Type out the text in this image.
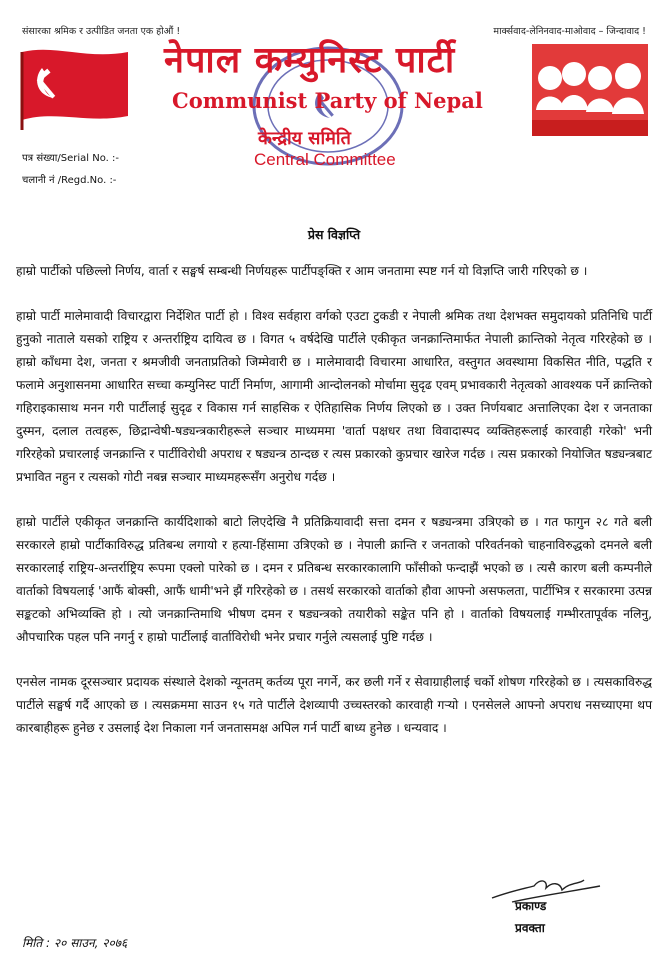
संसारका श्रमिक र उत्पीडित जनता एक होऔं !	मार्क्सवाद-लेनिनवाद-माओवाद – जिन्दावाद !
नेपाल कम्युनिस्ट पार्टी
Communist Party of Nepal
केन्द्रीय समिति
Central Committee
पत्र संख्या/Serial No. :-
चलानी नं /Regd.No. :-
प्रेस विज्ञप्ति

हाम्रो पार्टीको पछिल्लो निर्णय, वार्ता र सङ्घर्ष सम्बन्धी निर्णयहरू पार्टीपङ्क्ति र आम जनतामा स्पष्ट गर्न यो विज्ञप्ति जारी गरिएको छ ।

हाम्रो पार्टी मालेमावादी विचारद्वारा निर्देशित पार्टी हो । विश्व सर्वहारा वर्गको एउटा टुकडी र नेपाली श्रमिक तथा देशभक्त समुदायको प्रतिनिधि पार्टी हुनुको नाताले यसको राष्ट्रिय र अन्तर्राष्ट्रिय दायित्व छ । विगत ५ वर्षदेखि पार्टीले एकीकृत जनक्रान्तिमार्फत नेपाली क्रान्तिको नेतृत्व गरिरहेको छ । हाम्रो काँधमा देश, जनता र श्रमजीवी जनताप्रतिको जिम्मेवारी छ । मालेमावादी विचारमा आधारित, वस्तुगत अवस्थामा विकसित नीति, पद्धति र फलामे अनुशासनमा आधारित सच्चा कम्युनिस्ट पार्टी निर्माण, आगामी आन्दोलनको मोर्चामा सुदृढ एवम् प्रभावकारी नेतृत्वको आवश्यक पर्ने क्रान्तिको गहिराइकासाथ मनन गरी पार्टीलाई सुदृढ र विकास गर्न साहसिक र ऐतिहासिक निर्णय लिएको छ । उक्त निर्णयबाट अत्तालिएका देश र जनताका दुस्मन, दलाल तत्वहरू, छिद्रान्वेषी-षड्यन्त्रकारीहरूले सञ्चार माध्यममा 'वार्ता पक्षधर तथा विवादास्पद व्यक्तिहरूलाई कारवाही गरेको' भनी गरिरहेको प्रचारलाई जनक्रान्ति र पार्टीविरोधी अपराध र षड्यन्त्र ठान्दछ र त्यस प्रकारको कुप्रचार खारेज गर्दछ । त्यस प्रकारको नियोजित षड्यन्त्रबाट प्रभावित नहुन र त्यसको गोटी नबन्न सञ्चार माध्यमहरूसँग अनुरोध गर्दछ ।

हाम्रो पार्टीले एकीकृत जनक्रान्ति कार्यदिशाको बाटो लिएदेखि नै प्रतिक्रियावादी सत्ता दमन र षड्यन्त्रमा उत्रिएको छ । गत फागुन २८ गते बली सरकारले हाम्रो पार्टीकाविरुद्ध प्रतिबन्ध लगायो र हत्या-हिंसामा उत्रिएको छ । नेपाली क्रान्ति र जनताको परिवर्तनको चाहनाविरुद्धको दमनले बली सरकारलाई राष्ट्रिय-अन्तर्राष्ट्रिय रूपमा एक्लो पारेको छ । दमन र प्रतिबन्ध सरकारकालागि फाँसीको फन्दाझैं भएको छ । त्यसै कारण बली कम्पनीले वार्ताको विषयलाई 'आफैं बोक्सी, आफैं धामी'भने झैं गरिरहेको छ । तसर्थ सरकारको वार्ताको हौवा आफ्नो असफलता, पार्टीभित्र र सरकारमा उत्पन्न सङ्कटको अभिव्यक्ति हो । त्यो जनक्रान्तिमाथि भीषण दमन र षड्यन्त्रको तयारीको सङ्केत पनि हो । वार्ताको विषयलाई गम्भीरतापूर्वक नलिनु, औपचारिक पहल पनि नगर्नु र हाम्रो पार्टीलाई वार्ताविरोधी भनेर प्रचार गर्नुले त्यसलाई पुष्टि गर्दछ ।

एनसेल नामक दूरसञ्चार प्रदायक संस्थाले देशको न्यूनतम् कर्तव्य पूरा नगर्ने, कर छली गर्ने र सेवाग्राहीलाई चर्को शोषण गरिरहेको छ । त्यसकाविरुद्ध पार्टीले सङ्घर्ष गर्दै आएको छ । त्यसक्रममा साउन १५ गते पार्टीले देशव्यापी उच्चस्तरको कारवाही गर्‍यो । एनसेलले आफ्नो अपराध नसच्याएमा थप कारबाहीहरू हुनेछ र उसलाई देश निकाला गर्न जनतासमक्ष अपिल गर्न पार्टी बाध्य हुनेछ । धन्यवाद ।

प्रकाण्ड
प्रवक्ता
मिति : २० साउन, २०७६
